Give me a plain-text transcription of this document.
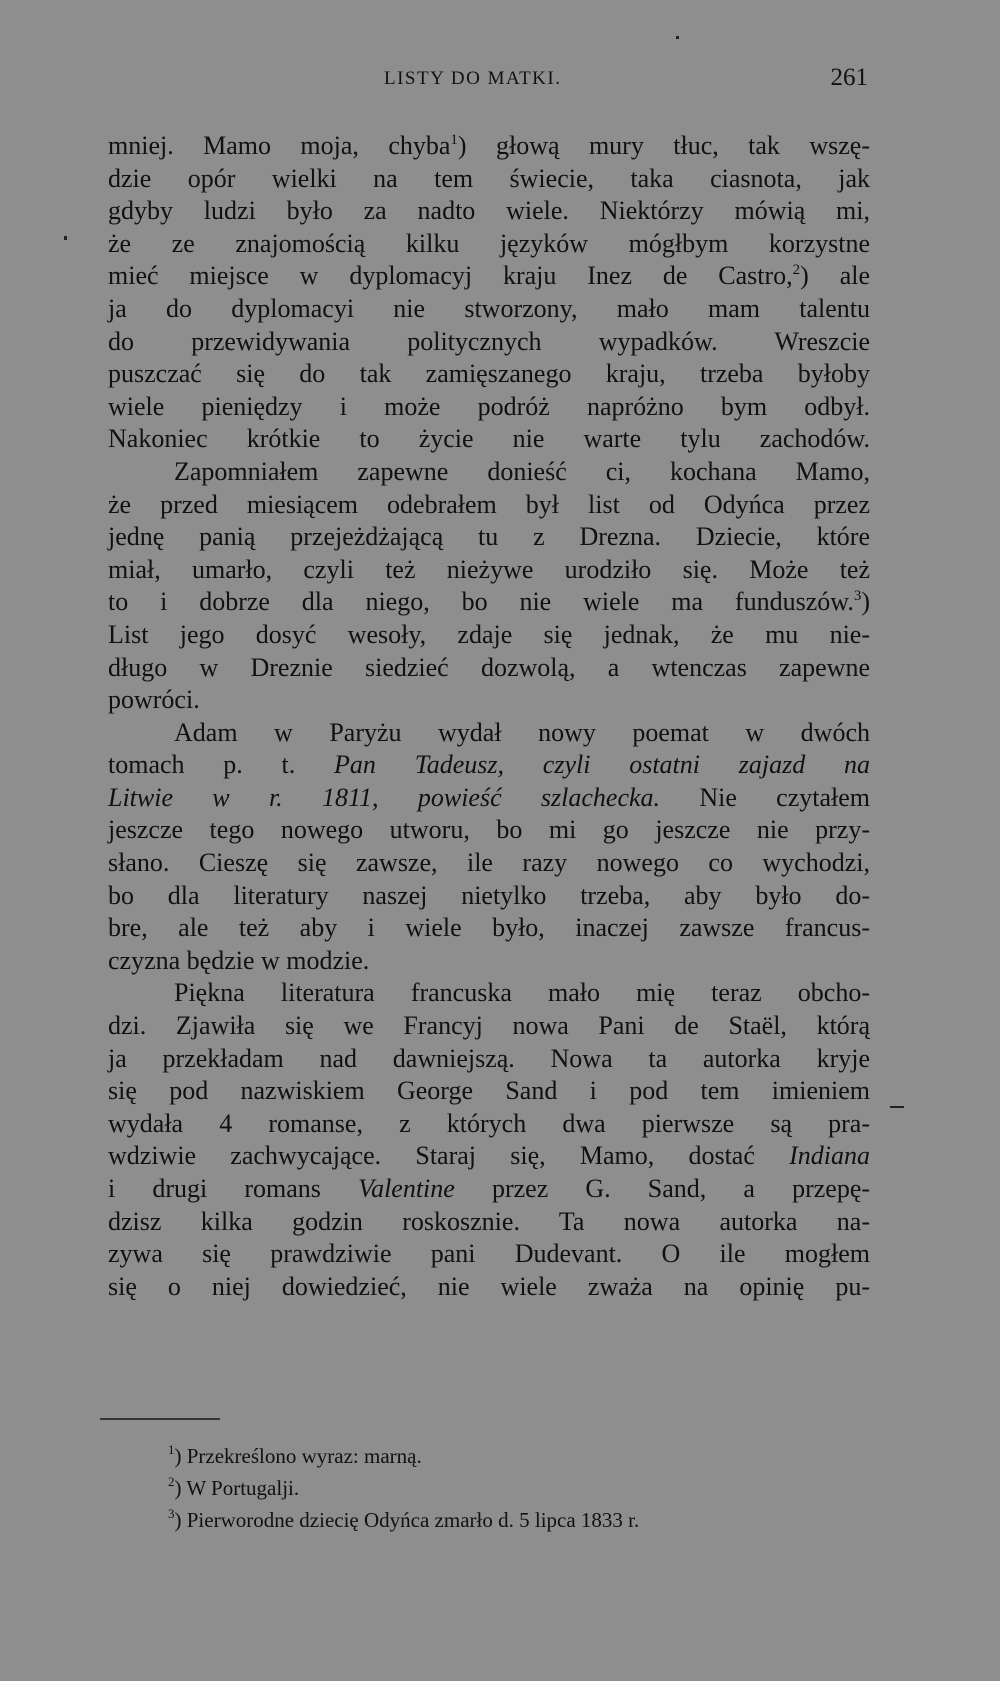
LISTY DO MATKI.	261
mniej. Mamo moja, chyba$^1$) głową mury tłuc, tak wszę-
dzie opór wielki na tem świecie, taka ciasnota, jak
gdyby ludzi było za nadto wiele. Niektórzy mówią mi,
że ze znajomością kilku języków mógłbym korzystne
mieć miejsce w dyplomacyj kraju Inez de Castro,$^2$) ale
ja do dyplomacyi nie stworzony, mało mam talentu
do przewidywania politycznych wypadków. Wreszcie
puszczać się do tak zamięszanego kraju, trzeba byłoby
wiele pieniędzy i może podróż napróżno bym odbył.
Nakoniec krótkie to życie nie warte tylu zachodów.
Zapomniałem zapewne donieść ci, kochana Mamo,
że przed miesiącem odebrałem był list od Odyńca przez
jednę panią przejeżdżającą tu z Drezna. Dziecie, które
miał, umarło, czyli też nieżywe urodziło się. Może też
to i dobrze dla niego, bo nie wiele ma funduszów.$^3$)
List jego dosyć wesoły, zdaje się jednak, że mu nie-
długo w Dreznie siedzieć dozwolą, a wtenczas zapewne
powróci.
Adam w Paryżu wydał nowy poemat w dwóch
tomach p. t. Pan Tadeusz, czyli ostatni zajazd na
Litwie w r. 1811, powieść szlachecka. Nie czytałem
jeszcze tego nowego utworu, bo mi go jeszcze nie przy-
słano. Cieszę się zawsze, ile razy nowego co wychodzi,
bo dla literatury naszej nietylko trzeba, aby było do-
bre, ale też aby i wiele było, inaczej zawsze francus-
czyzna będzie w modzie.
Piękna literatura francuska mało mię teraz obcho-
dzi. Zjawiła się we Francyj nowa Pani de Staël, którą
ja przekładam nad dawniejszą. Nowa ta autorka kryje
się pod nazwiskiem George Sand i pod tem imieniem
wydała 4 romanse, z których dwa pierwsze są pra-
wdziwie zachwycające. Staraj się, Mamo, dostać Indiana
i drugi romans Valentine przez G. Sand, a przepę-
dzisz kilka godzin roskosznie. Ta nowa autorka na-
zywa się prawdziwie pani Dudevant. O ile mogłem
się o niej dowiedzieć, nie wiele zważa na opinię pu-
$^1$) Przekreślono wyraz: marną.
$^2$) W Portugalji.
$^3$) Pierworodne dziecię Odyńca zmarło d. 5 lipca 1833 r.
